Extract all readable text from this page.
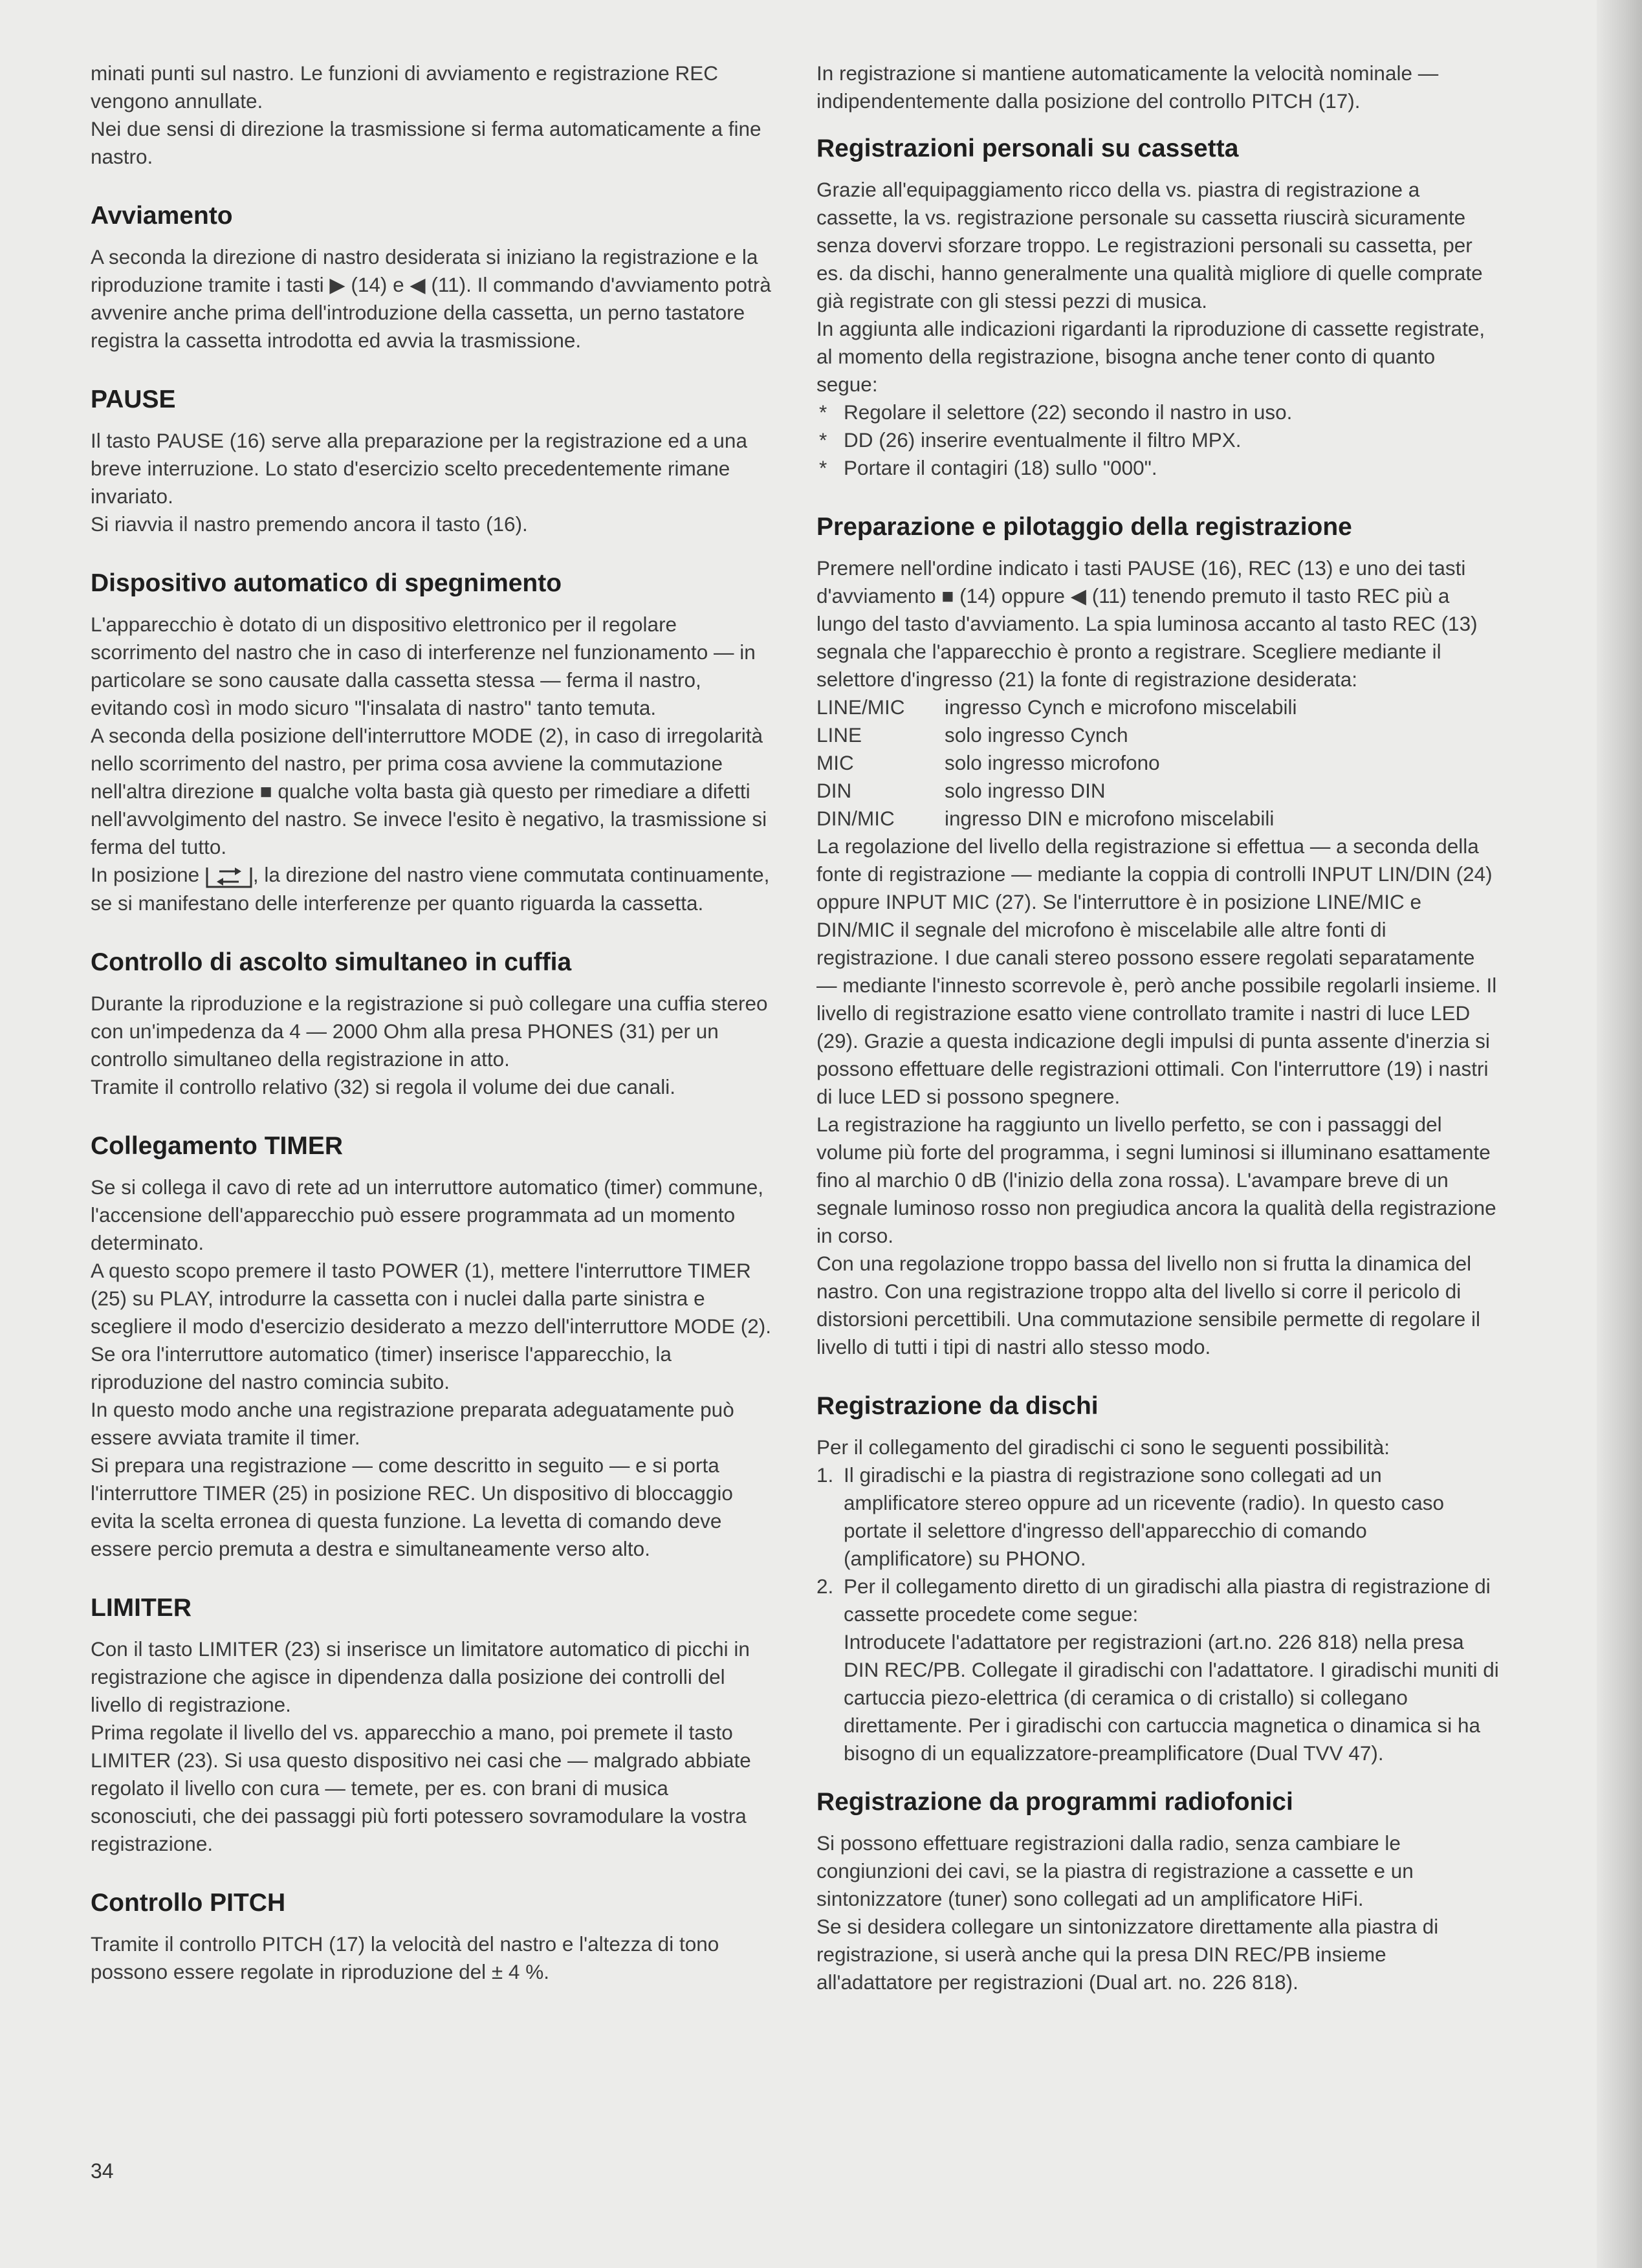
minati punti sul nastro. Le funzioni di avviamento e registrazione REC vengono annullate.

Nei due sensi di direzione la trasmissione si ferma automaticamente a fine nastro.

Avviamento

A seconda la direzione di nastro desiderata si iniziano la registrazione e la riproduzione tramite i tasti ▶ (14) e ◀ (11). Il commando d'avviamento potrà avvenire anche prima dell'introduzione della cassetta, un perno tastatore registra la cassetta introdotta ed avvia la trasmissione.

PAUSE

Il tasto PAUSE (16) serve alla preparazione per la registrazione ed a una breve interruzione. Lo stato d'esercizio scelto precedentemente rimane invariato.

Si riavvia il nastro premendo ancora il tasto (16).

Dispositivo automatico di spegnimento

L'apparecchio è dotato di un dispositivo elettronico per il regolare scorrimento del nastro che in caso di interferenze nel funzionamento — in particolare se sono causate dalla cassetta stessa — ferma il nastro, evitando così in modo sicuro "l'insalata di nastro" tanto temuta.

A seconda della posizione dell'interruttore MODE (2), in caso di irregolarità nello scorrimento del nastro, per prima cosa avviene la commutazione nell'altra direzione ■ qualche volta basta già questo per rimediare a difetti nell'avvolgimento del nastro. Se invece l'esito è negativo, la trasmissione si ferma del tutto.

In posizione	, la direzione del nastro viene commutata continuamente, se si manifestano delle interferenze per quanto riguarda la cassetta.

Controllo di ascolto simultaneo in cuffia

Durante la riproduzione e la registrazione si può collegare una cuffia stereo con un'impedenza da 4 — 2000 Ohm alla presa PHONES (31) per un controllo simultaneo della registrazione in atto.

Tramite il controllo relativo (32) si regola il volume dei due canali.

Collegamento TIMER

Se si collega il cavo di rete ad un interruttore automatico (timer) commune, l'accensione dell'apparecchio può essere programmata ad un momento determinato.

A questo scopo premere il tasto POWER (1), mettere l'interruttore TIMER (25) su PLAY, introdurre la cassetta con i nuclei dalla parte sinistra e scegliere il modo d'esercizio desiderato a mezzo dell'interruttore MODE (2). Se ora l'interruttore automatico (timer) inserisce l'apparecchio, la riproduzione del nastro comincia subito.

In questo modo anche una registrazione preparata adeguatamente può essere avviata tramite il timer.

Si prepara una registrazione — come descritto in seguito — e si porta l'interruttore TIMER (25) in posizione REC. Un dispositivo di bloccaggio evita la scelta erronea di questa funzione. La levetta di comando deve essere percio premuta a destra e simultaneamente verso alto.

LIMITER

Con il tasto LIMITER (23) si inserisce un limitatore automatico di picchi in registrazione che agisce in dipendenza dalla posizione dei controlli del livello di registrazione.

Prima regolate il livello del vs. apparecchio a mano, poi premete il tasto LIMITER (23). Si usa questo dispositivo nei casi che — malgrado abbiate regolato il livello con cura — temete, per es. con brani di musica sconosciuti, che dei passaggi più forti potessero sovramodulare la vostra registrazione.

Controllo PITCH

Tramite il controllo PITCH (17) la velocità del nastro e l'altezza di tono possono essere regolate in riproduzione del ± 4 %.

In registrazione si mantiene automaticamente la velocità nominale — indipendentemente dalla posizione del controllo PITCH (17).

Registrazioni personali su cassetta

Grazie all'equipaggiamento ricco della vs. piastra di registrazione a cassette, la vs. registrazione personale su cassetta riuscirà sicuramente senza dovervi sforzare troppo. Le registrazioni personali su cassetta, per es. da dischi, hanno generalmente una qualità migliore di quelle comprate già registrate con gli stessi pezzi di musica.

In aggiunta alle indicazioni rigardanti la riproduzione di cassette registrate, al momento della registrazione, bisogna anche tener conto di quanto segue:

* Regolare il selettore (22) secondo il nastro in uso.
* DD (26) inserire eventualmente il filtro MPX.
* Portare il contagiri (18) sullo "000".
Preparazione e pilotaggio della registrazione

Premere nell'ordine indicato i tasti PAUSE (16), REC (13) e uno dei tasti d'avviamento ■ (14) oppure ◀ (11) tenendo premuto il tasto REC più a lungo del tasto d'avviamento. La spia luminosa accanto al tasto REC (13) segnala che l'apparecchio è pronto a registrare. Scegliere mediante il selettore d'ingresso (21) la fonte di registrazione desiderata:

LINE/MIC	ingresso Cynch e microfono miscelabili
LINE	solo ingresso Cynch
MIC	solo ingresso microfono
DIN	solo ingresso DIN
DIN/MIC	ingresso DIN e microfono miscelabili

La regolazione del livello della registrazione si effettua — a seconda della fonte di registrazione — mediante la coppia di controlli INPUT LIN/DIN (24) oppure INPUT MIC (27). Se l'interruttore è in posizione LINE/MIC e DIN/MIC il segnale del microfono è miscelabile alle altre fonti di registrazione. I due canali stereo possono essere regolati separatamente — mediante l'innesto scorrevole è, però anche possibile regolarli insieme. Il livello di registrazione esatto viene controllato tramite i nastri di luce LED (29). Grazie a questa indicazione degli impulsi di punta assente d'inerzia si possono effettuare delle registrazioni ottimali. Con l'interruttore (19) i nastri di luce LED si possono spegnere.

La registrazione ha raggiunto un livello perfetto, se con i passaggi del volume più forte del programma, i segni luminosi si illuminano esattamente fino al marchio 0 dB (l'inizio della zona rossa). L'avampare breve di un segnale luminoso rosso non pregiudica ancora la qualità della registrazione in corso.

Con una regolazione troppo bassa del livello non si frutta la dinamica del nastro. Con una registrazione troppo alta del livello si corre il pericolo di distorsioni percettibili. Una commutazione sensibile permette di regolare il livello di tutti i tipi di nastri allo stesso modo.

Registrazione da dischi

Per il collegamento del giradischi ci sono le seguenti possibilità:

1. Il giradischi e la piastra di registrazione sono collegati ad un amplificatore stereo oppure ad un ricevente (radio). In questo caso portate il selettore d'ingresso dell'apparecchio di comando (amplificatore) su PHONO.
2. Per il collegamento diretto di un giradischi alla piastra di registrazione di cassette procedete come segue:
Introducete l'adattatore per registrazioni (art.no. 226 818) nella presa DIN REC/PB. Collegate il giradischi con l'adattatore. I giradischi muniti di cartuccia piezo-elettrica (di ceramica o di cristallo) si collegano direttamente. Per i giradischi con cartuccia magnetica o dinamica si ha bisogno di un equalizzatore-preamplificatore (Dual TVV 47).
Registrazione da programmi radiofonici

Si possono effettuare registrazioni dalla radio, senza cambiare le congiunzioni dei cavi, se la piastra di registrazione a cassette e un sintonizzatore (tuner) sono collegati ad un amplificatore HiFi.

Se si desidera collegare un sintonizzatore direttamente alla piastra di registrazione, si userà anche qui la presa DIN REC/PB insieme all'adattatore per registrazioni (Dual art. no. 226 818).

34
